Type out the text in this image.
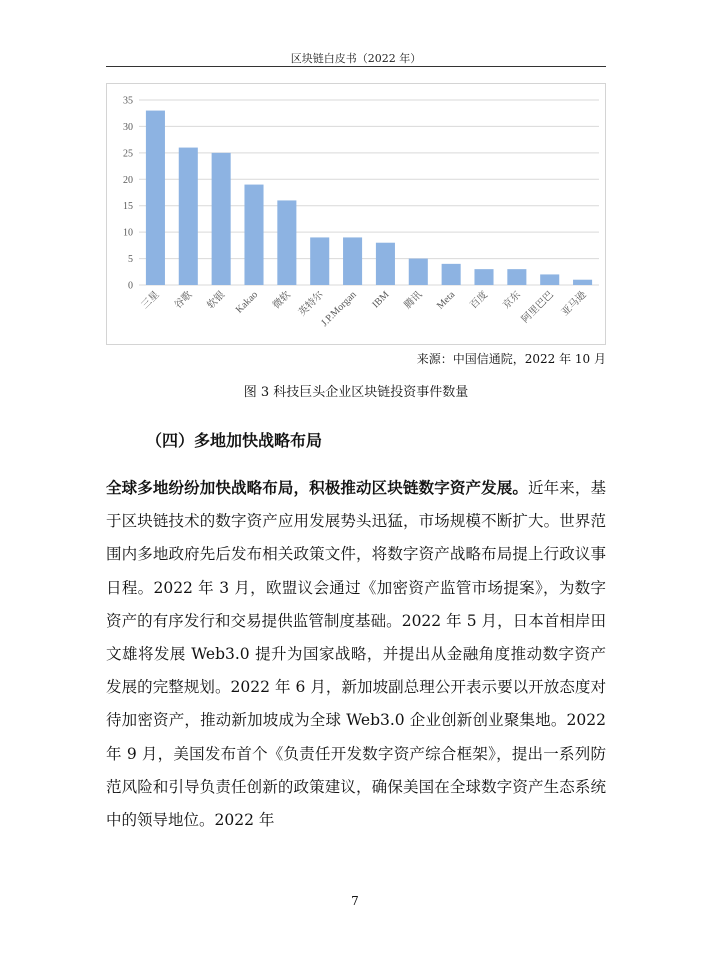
区块链白皮书（2022 年）
0
5
10
15
20
25
30
35
三星 谷歌 软银 Kakao 微软 英特尔
J.P.Morgan IBM 腾讯 Meta 百度 京东
阿里巴巴 亚马逊
来源：中国信通院，2022 年 10 月
图 3 科技巨头企业区块链投资事件数量
（四）多地加快战略布局

全球多地纷纷加快战略布局，积极推动区块链数字资产发展。近年来，基于区块链技术的数字资产应用发展势头迅猛，市场规模不断扩大。世界范围内多地政府先后发布相关政策文件，将数字资产战略布局提上行政议事日程。2022 年 3 月，欧盟议会通过《加密资产监管市场提案》，为数字资产的有序发行和交易提供监管制度基础。2022 年 5 月，日本首相岸田文雄将发展 Web3.0 提升为国家战略，并提出从金融角度推动数字资产发展的完整规划。2022 年 6 月，新加坡副总理公开表示要以开放态度对待加密资产，推动新加坡成为全球 Web3.0 企业创新创业聚集地。2022 年 9 月，美国发布首个《负责任开发数字资产综合框架》，提出一系列防范风险和引导负责任创新的政策建议，确保美国在全球数字资产生态系统中的领导地位。2022 年

7
